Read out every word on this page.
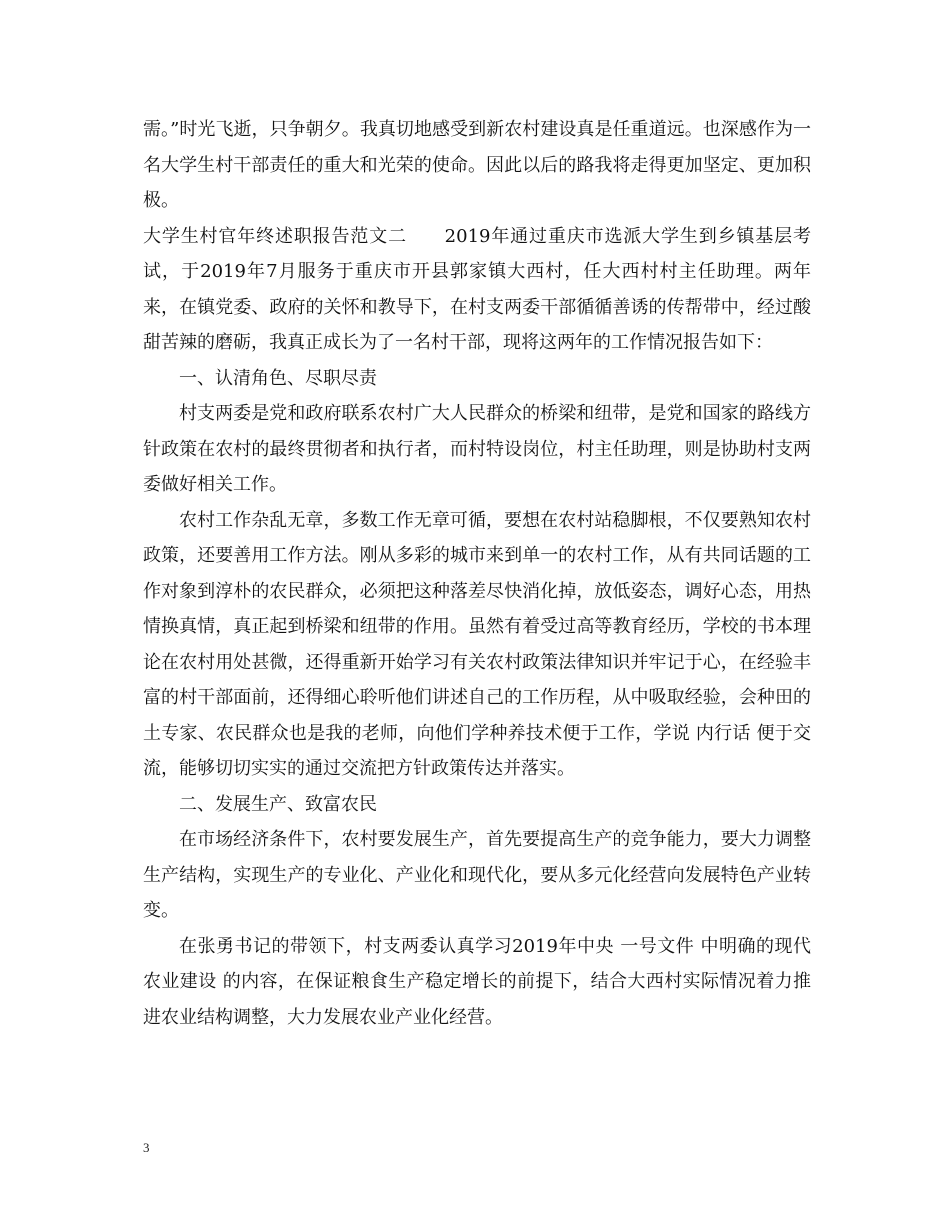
需。”时光飞逝，只争朝夕。我真切地感受到新农村建设真是任重道远。也深感作为一名大学生村干部责任的重大和光荣的使命。因此以后的路我将走得更加坚定、更加积极。

大学生村官年终述职报告范文二　　2019年通过重庆市选派大学生到乡镇基层考试，于2019年7月服务于重庆市开县郭家镇大西村，任大西村村主任助理。两年来，在镇党委、政府的关怀和教导下，在村支两委干部循循善诱的传帮带中，经过酸甜苦辣的磨砺，我真正成长为了一名村干部，现将这两年的工作情况报告如下：

一、认清角色、尽职尽责

村支两委是党和政府联系农村广大人民群众的桥梁和纽带，是党和国家的路线方针政策在农村的最终贯彻者和执行者，而村特设岗位，村主任助理，则是协助村支两委做好相关工作。

农村工作杂乱无章，多数工作无章可循，要想在农村站稳脚根，不仅要熟知农村政策，还要善用工作方法。刚从多彩的城市来到单一的农村工作，从有共同话题的工作对象到淳朴的农民群众，必须把这种落差尽快消化掉，放低姿态，调好心态，用热情换真情，真正起到桥梁和纽带的作用。虽然有着受过高等教育经历，学校的书本理论在农村用处甚微，还得重新开始学习有关农村政策法律知识并牢记于心，在经验丰富的村干部面前，还得细心聆听他们讲述自己的工作历程，从中吸取经验，会种田的土专家、农民群众也是我的老师，向他们学种养技术便于工作，学说 内行话 便于交流，能够切切实实的通过交流把方针政策传达并落实。

二、发展生产、致富农民

在市场经济条件下，农村要发展生产，首先要提高生产的竞争能力，要大力调整生产结构，实现生产的专业化、产业化和现代化，要从多元化经营向发展特色产业转变。

在张勇书记的带领下，村支两委认真学习2019年中央 一号文件 中明确的现代农业建设 的内容，在保证粮食生产稳定增长的前提下，结合大西村实际情况着力推进农业结构调整，大力发展农业产业化经营。

3
